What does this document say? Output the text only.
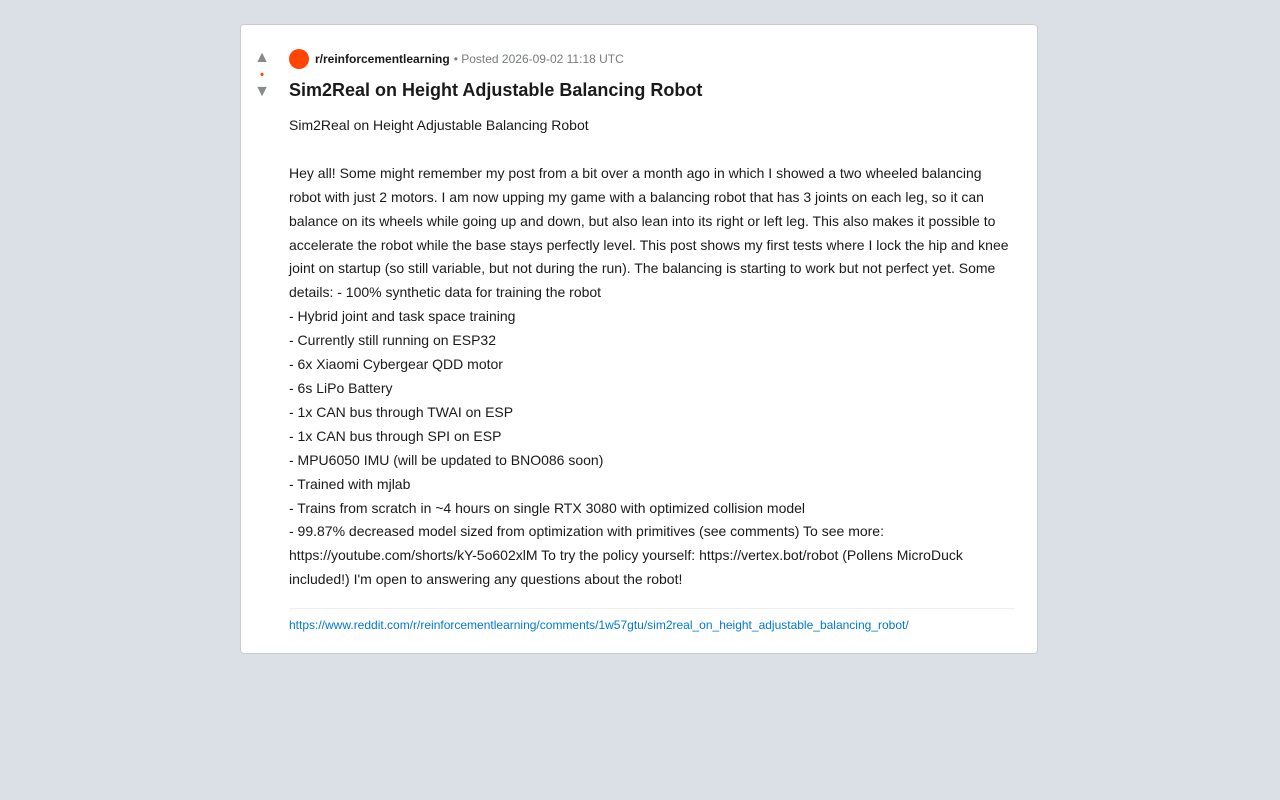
▲
•
▼
r/reinforcementlearning • Posted 2026-09-02 11:18 UTC
Sim2Real on Height Adjustable Balancing Robot
Sim2Real on Height Adjustable Balancing Robot

Hey all! Some might remember my post from a bit over a month ago in which I showed a two wheeled balancing robot with just 2 motors. I am now upping my game with a balancing robot that has 3 joints on each leg, so it can balance on its wheels while going up and down, but also lean into its right or left leg. This also makes it possible to accelerate the robot while the base stays perfectly level. This post shows my first tests where I lock the hip and knee joint on startup (so still variable, but not during the run). The balancing is starting to work but not perfect yet. Some details: - 100% synthetic data for training the robot
- Hybrid joint and task space training
- Currently still running on ESP32
- 6x Xiaomi Cybergear QDD motor
- 6s LiPo Battery
- 1x CAN bus through TWAI on ESP
- 1x CAN bus through SPI on ESP
- MPU6050 IMU (will be updated to BNO086 soon)
- Trained with mjlab
- Trains from scratch in ~4 hours on single RTX 3080 with optimized collision model
- 99.87% decreased model sized from optimization with primitives (see comments) To see more: https://youtube.com/shorts/kY-5o602xlM To try the policy yourself: https://vertex.bot/robot (Pollens MicroDuck included!) I'm open to answering any questions about the robot!
https://www.reddit.com/r/reinforcementlearning/comments/1w57gtu/sim2real_on_height_adjustable_balancing_robot/
